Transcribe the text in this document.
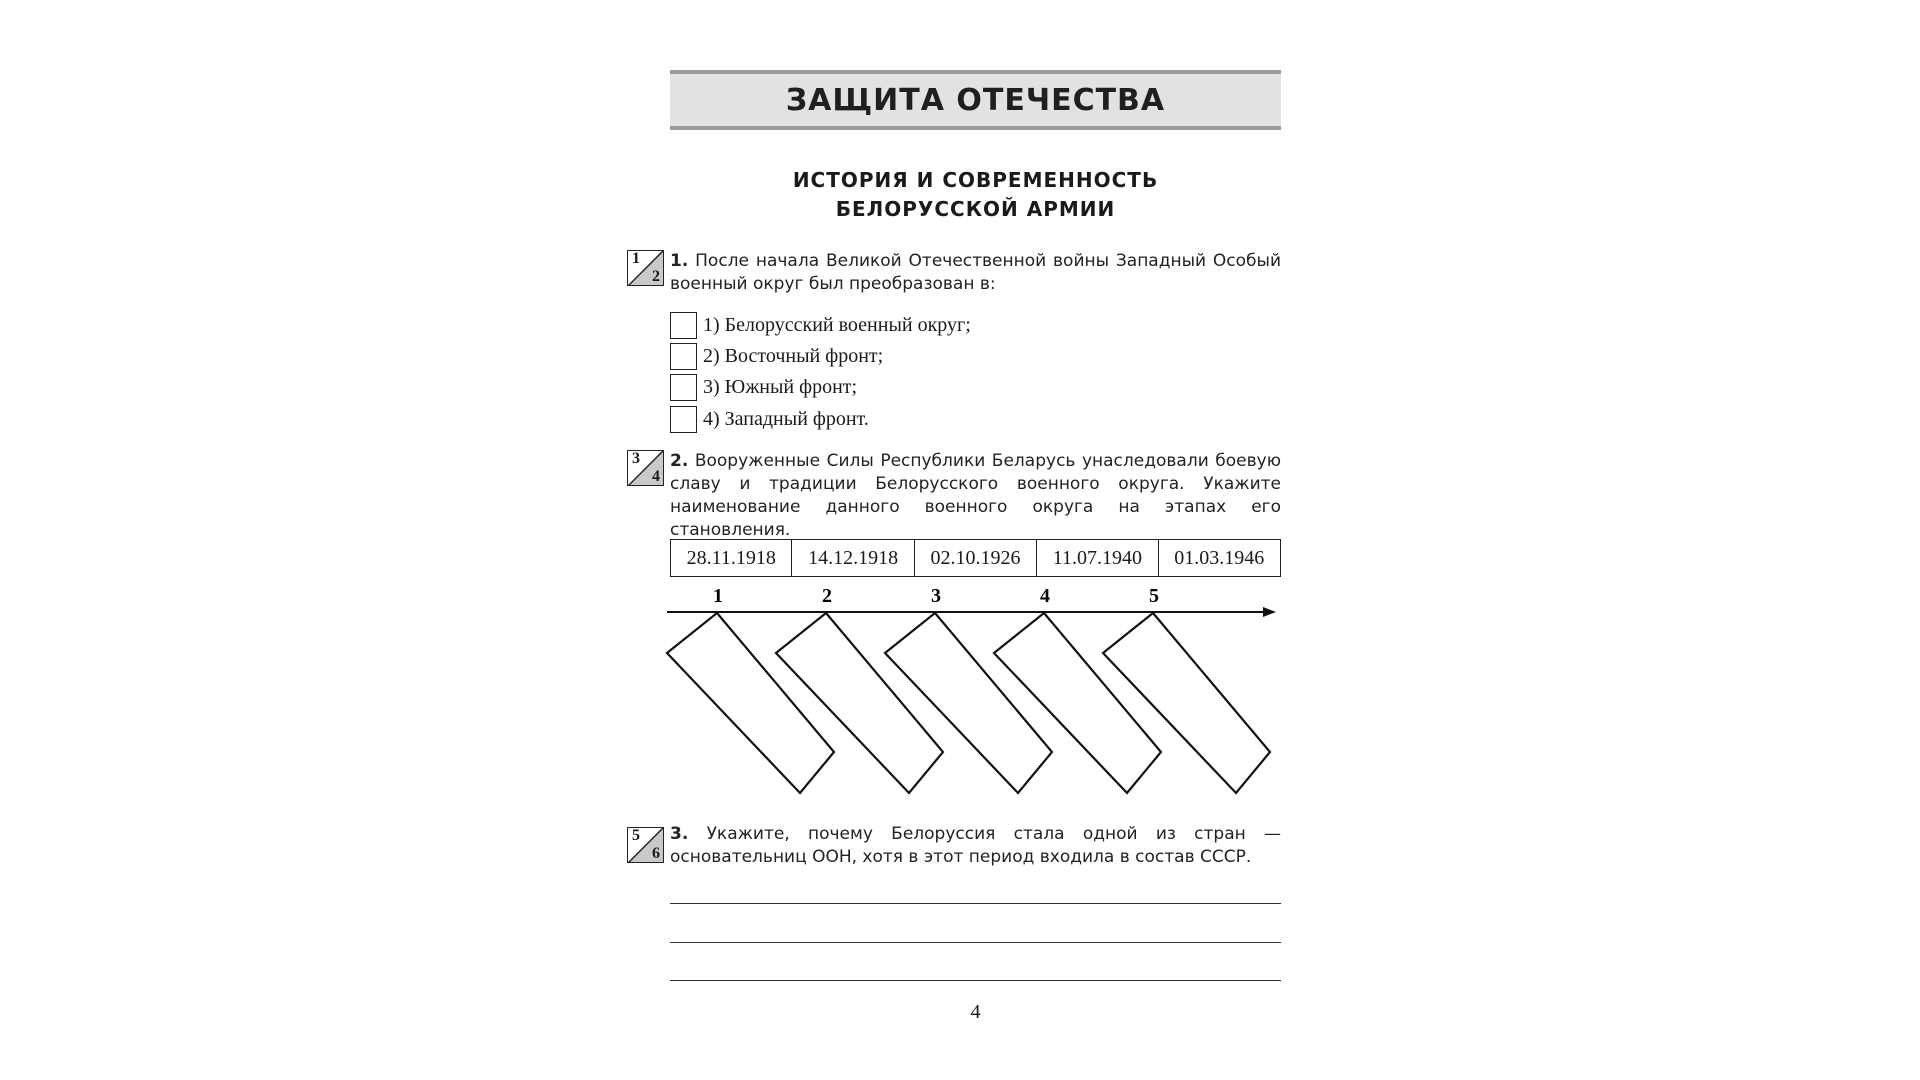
ЗАЩИТА ОТЕЧЕСТВА
ИСТОРИЯ И СОВРЕМЕННОСТЬ
БЕЛОРУССКОЙ АРМИИ
1
2
1. После начала Великой Отечественной войны Западный Особый военный округ был преобразован в:
1) Белорусский военный округ;
2) Восточный фронт;
3) Южный фронт;
4) Западный фронт.
3
4
2. Вооруженные Силы Республики Беларусь унаследовали боевую славу и традиции Белорусского военного округа. Укажите наименование данного военного округа на этапах его становления.
28.11.1918	14.12.1918	02.10.1926	11.07.1940	01.03.1946
1	2	3	4	5
5
6
3. Укажите, почему Белоруссия стала одной из стран — основательниц ООН, хотя в этот период входила в состав СССР.
4
